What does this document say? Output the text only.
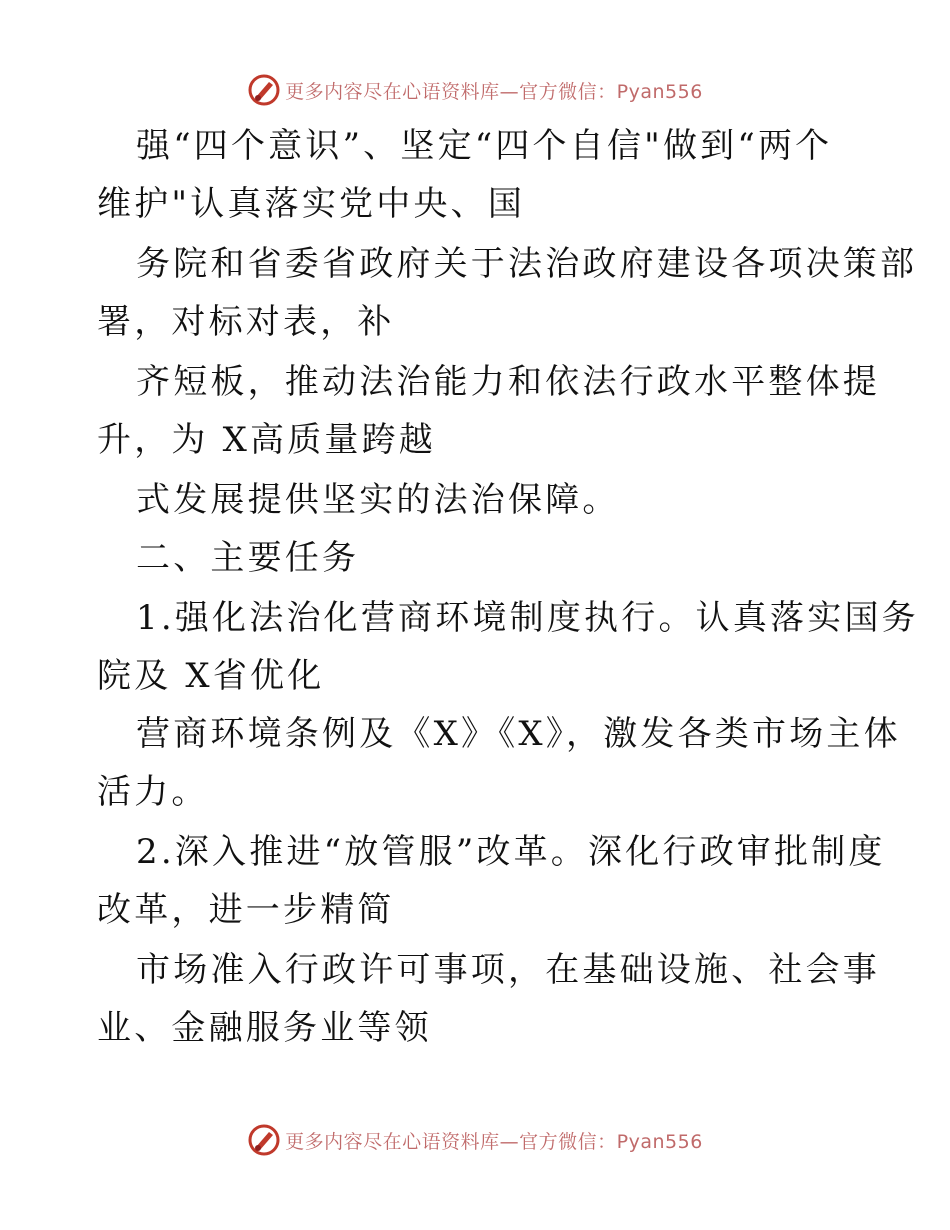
更多内容尽在心语资料库—官方微信：Pyan556
强“四个意识”、坚定“四个自信"做到“两个
维护"认真落实党中央、国
务院和省委省政府关于法治政府建设各项决策部
署，对标对表，补
齐短板，推动法治能力和依法行政水平整体提
升，为 X高质量跨越
式发展提供坚实的法治保障。
二、主要任务
1.强化法治化营商环境制度执行。认真落实国务
院及 X省优化
营商环境条例及《X》《X》，激发各类市场主体
活力。
2.深入推进“放管服”改革。深化行政审批制度
改革，进一步精简
市场准入行政许可事项，在基础设施、社会事
业、金融服务业等领
更多内容尽在心语资料库—官方微信：Pyan556
